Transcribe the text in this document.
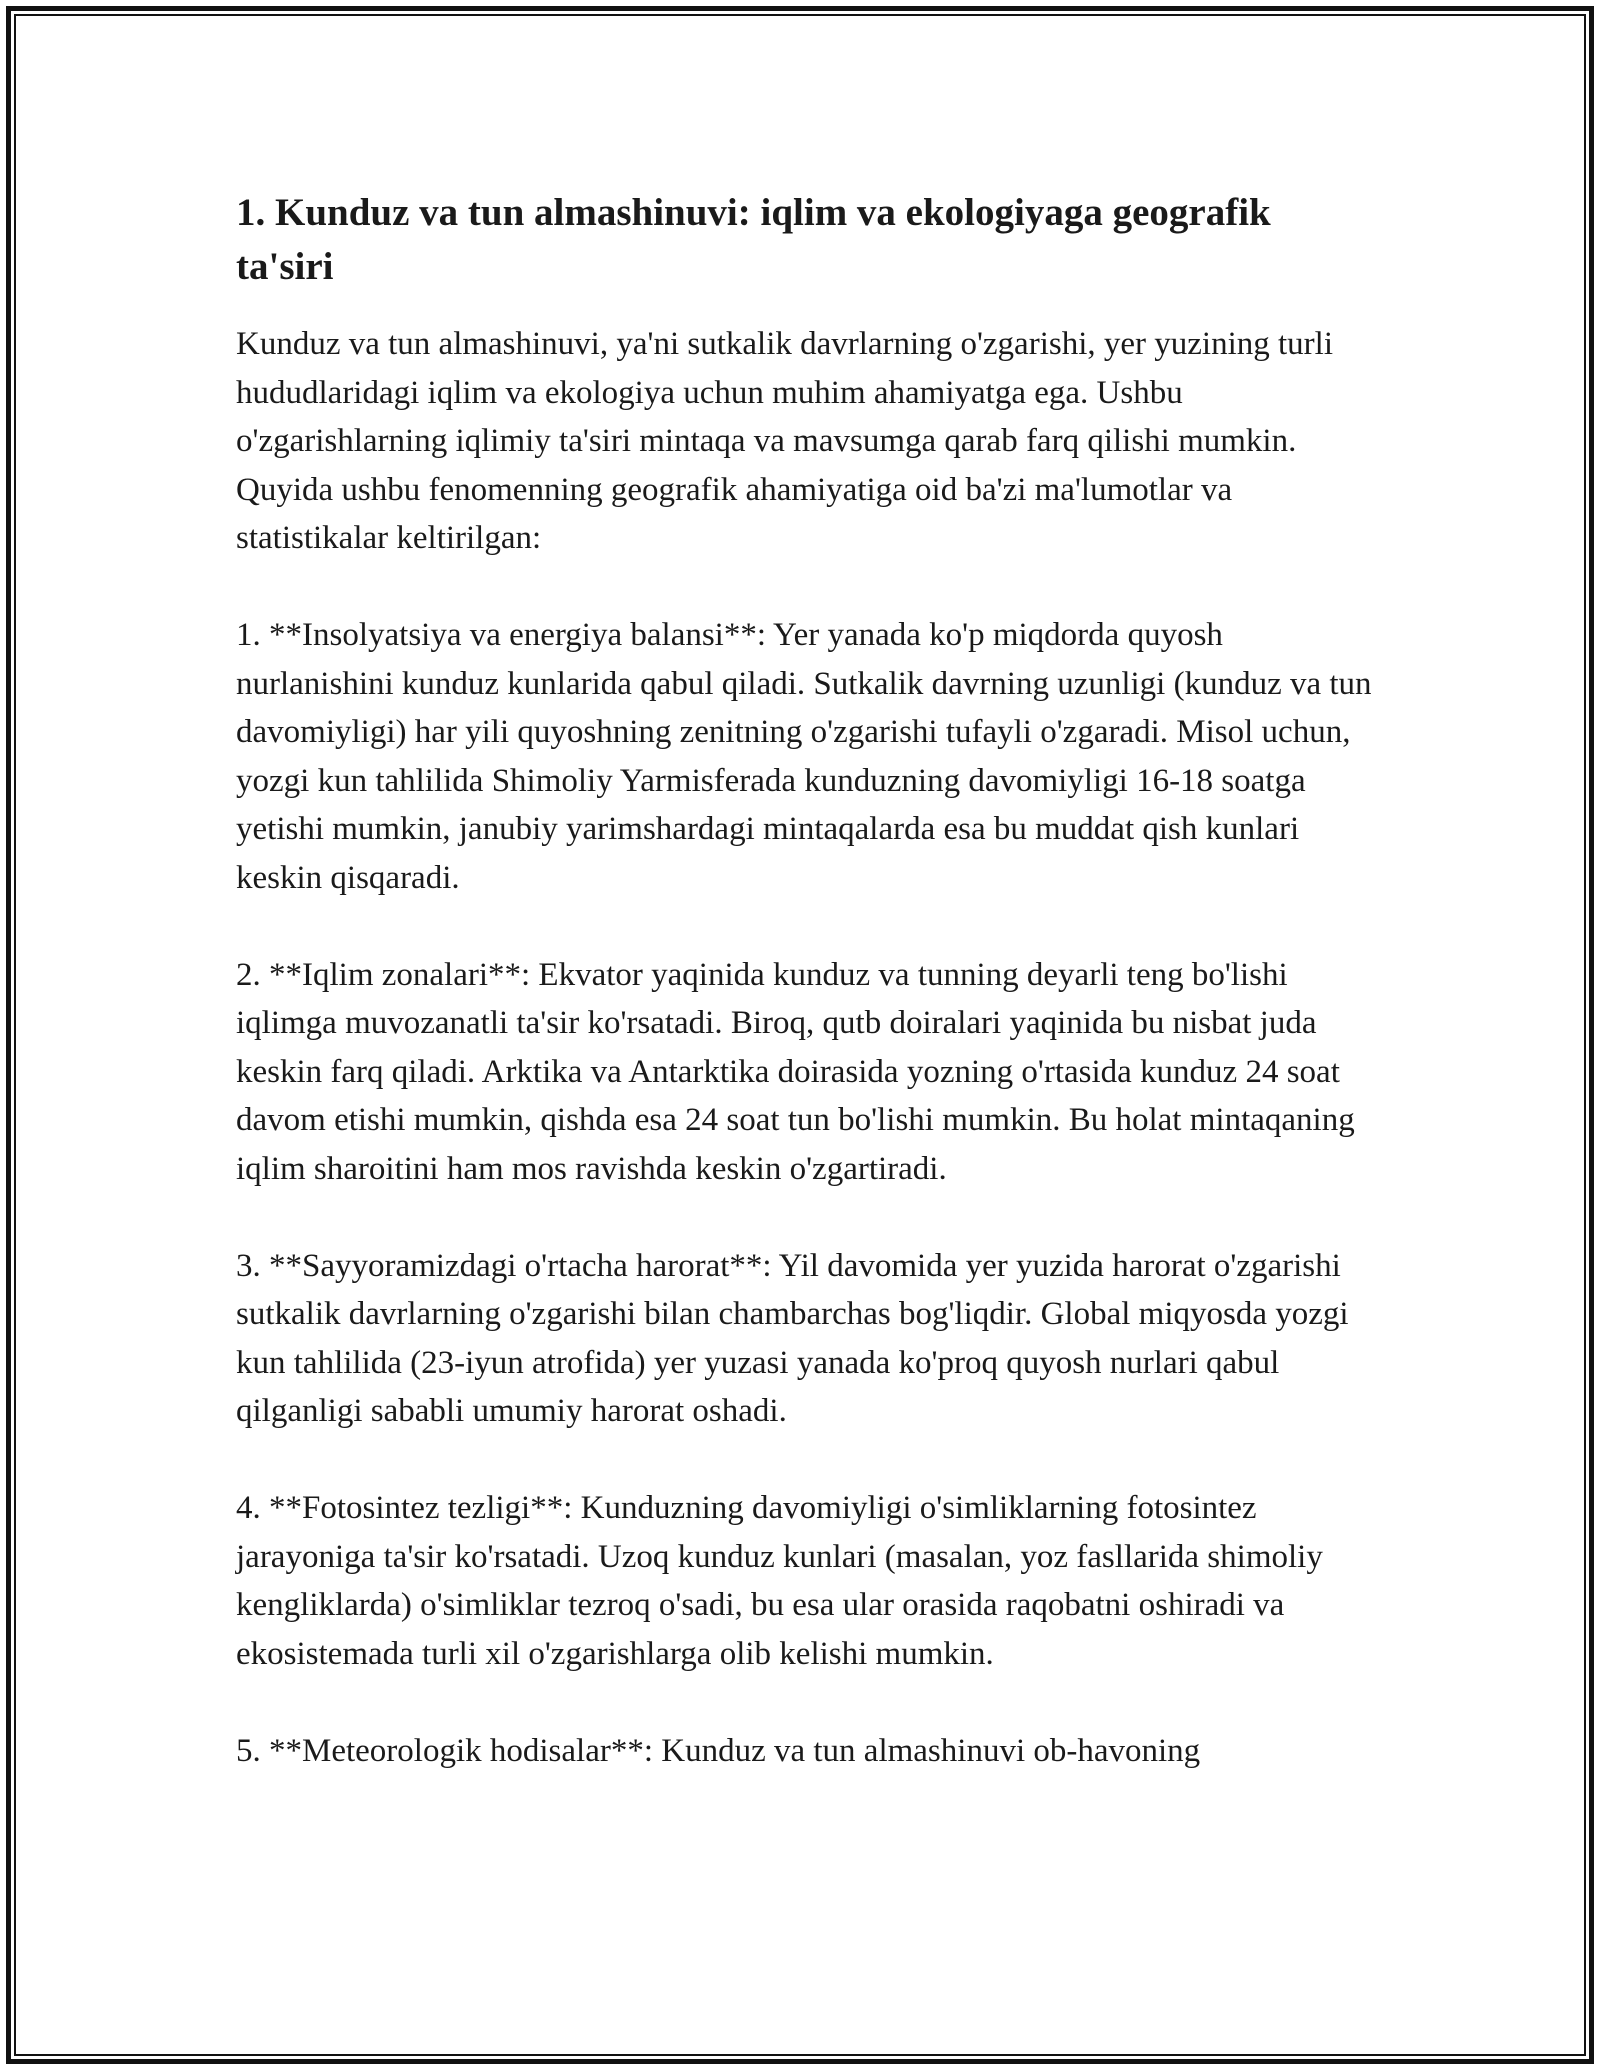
1. Kunduz va tun almashinuvi: iqlim va ekologiyaga geografik ta'siri

Kunduz va tun almashinuvi, ya'ni sutkalik davrlarning o'zgarishi, yer yuzining turli hududlaridagi iqlim va ekologiya uchun muhim ahamiyatga ega. Ushbu o'zgarishlarning iqlimiy ta'siri mintaqa va mavsumga qarab farq qilishi mumkin. Quyida ushbu fenomenning geografik ahamiyatiga oid ba'zi ma'lumotlar va statistikalar keltirilgan:

1. **Insolyatsiya va energiya balansi**: Yer yanada ko'p miqdorda quyosh nurlanishini kunduz kunlarida qabul qiladi. Sutkalik davrning uzunligi (kunduz va tun davomiyligi) har yili quyoshning zenitning o'zgarishi tufayli o'zgaradi. Misol uchun, yozgi kun tahlilida Shimoliy Yarmisferada kunduzning davomiyligi 16-18 soatga yetishi mumkin, janubiy yarimshardagi mintaqalarda esa bu muddat qish kunlari keskin qisqaradi.

2. **Iqlim zonalari**: Ekvator yaqinida kunduz va tunning deyarli teng bo'lishi iqlimga muvozanatli ta'sir ko'rsatadi. Biroq, qutb doiralari yaqinida bu nisbat juda keskin farq qiladi. Arktika va Antarktika doirasida yozning o'rtasida kunduz 24 soat davom etishi mumkin, qishda esa 24 soat tun bo'lishi mumkin. Bu holat mintaqaning iqlim sharoitini ham mos ravishda keskin o'zgartiradi.

3. **Sayyoramizdagi o'rtacha harorat**: Yil davomida yer yuzida harorat o'zgarishi sutkalik davrlarning o'zgarishi bilan chambarchas bog'liqdir. Global miqyosda yozgi kun tahlilida (23-iyun atrofida) yer yuzasi yanada ko'proq quyosh nurlari qabul qilganligi sababli umumiy harorat oshadi.

4. **Fotosintez tezligi**: Kunduzning davomiyligi o'simliklarning fotosintez jarayoniga ta'sir ko'rsatadi. Uzoq kunduz kunlari (masalan, yoz fasllarida shimoliy kengliklarda) o'simliklar tezroq o'sadi, bu esa ular orasida raqobatni oshiradi va ekosistemada turli xil o'zgarishlarga olib kelishi mumkin.

5. **Meteorologik hodisalar**: Kunduz va tun almashinuvi ob-havoning
